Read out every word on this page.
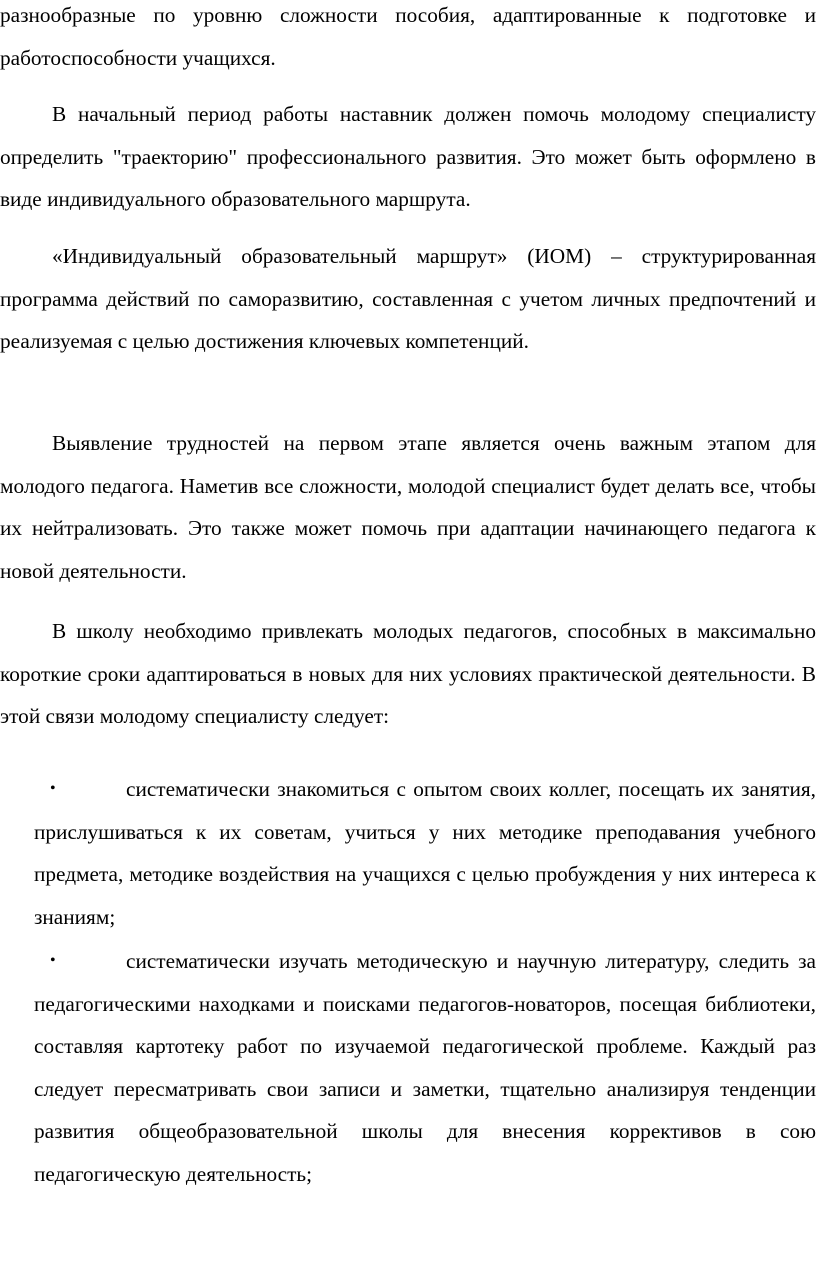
разнообразные по уровню сложности пособия, адаптированные к подготовке и работоспособности учащихся.

В начальный период работы наставник должен помочь молодому специалисту определить "траекторию" профессионального развития. Это может быть оформлено в виде индивидуального образовательного маршрута.

«Индивидуальный образовательный маршрут» (ИОМ) – структурированная программа действий по саморазвитию, составленная с учетом личных предпочтений и реализуемая с целью достижения ключевых компетенций.

Выявление трудностей на первом этапе является очень важным этапом для молодого педагога. Наметив все сложности, молодой специалист будет делать все, чтобы их нейтрализовать. Это также может помочь при адаптации начинающего педагога к новой деятельности.

В школу необходимо привлекать молодых педагогов, способных в максимально короткие сроки адаптироваться в новых для них условиях практической деятельности. В этой связи молодому специалисту следует:

•	систематически знакомиться с опытом своих коллег, посещать их занятия, прислушиваться к их советам, учиться у них методике преподавания учебного предмета, методике воздействия на учащихся с целью пробуждения у них интереса к знаниям;

•	систематически изучать методическую и научную литературу, следить за педагогическими находками и поисками педагогов-новаторов, посещая библиотеки, составляя картотеку работ по изучаемой педагогической проблеме. Каждый раз следует пересматривать свои записи и заметки, тщательно анализируя тенденции развития общеобразовательной школы для внесения коррективов в сою педагогическую деятельность;
